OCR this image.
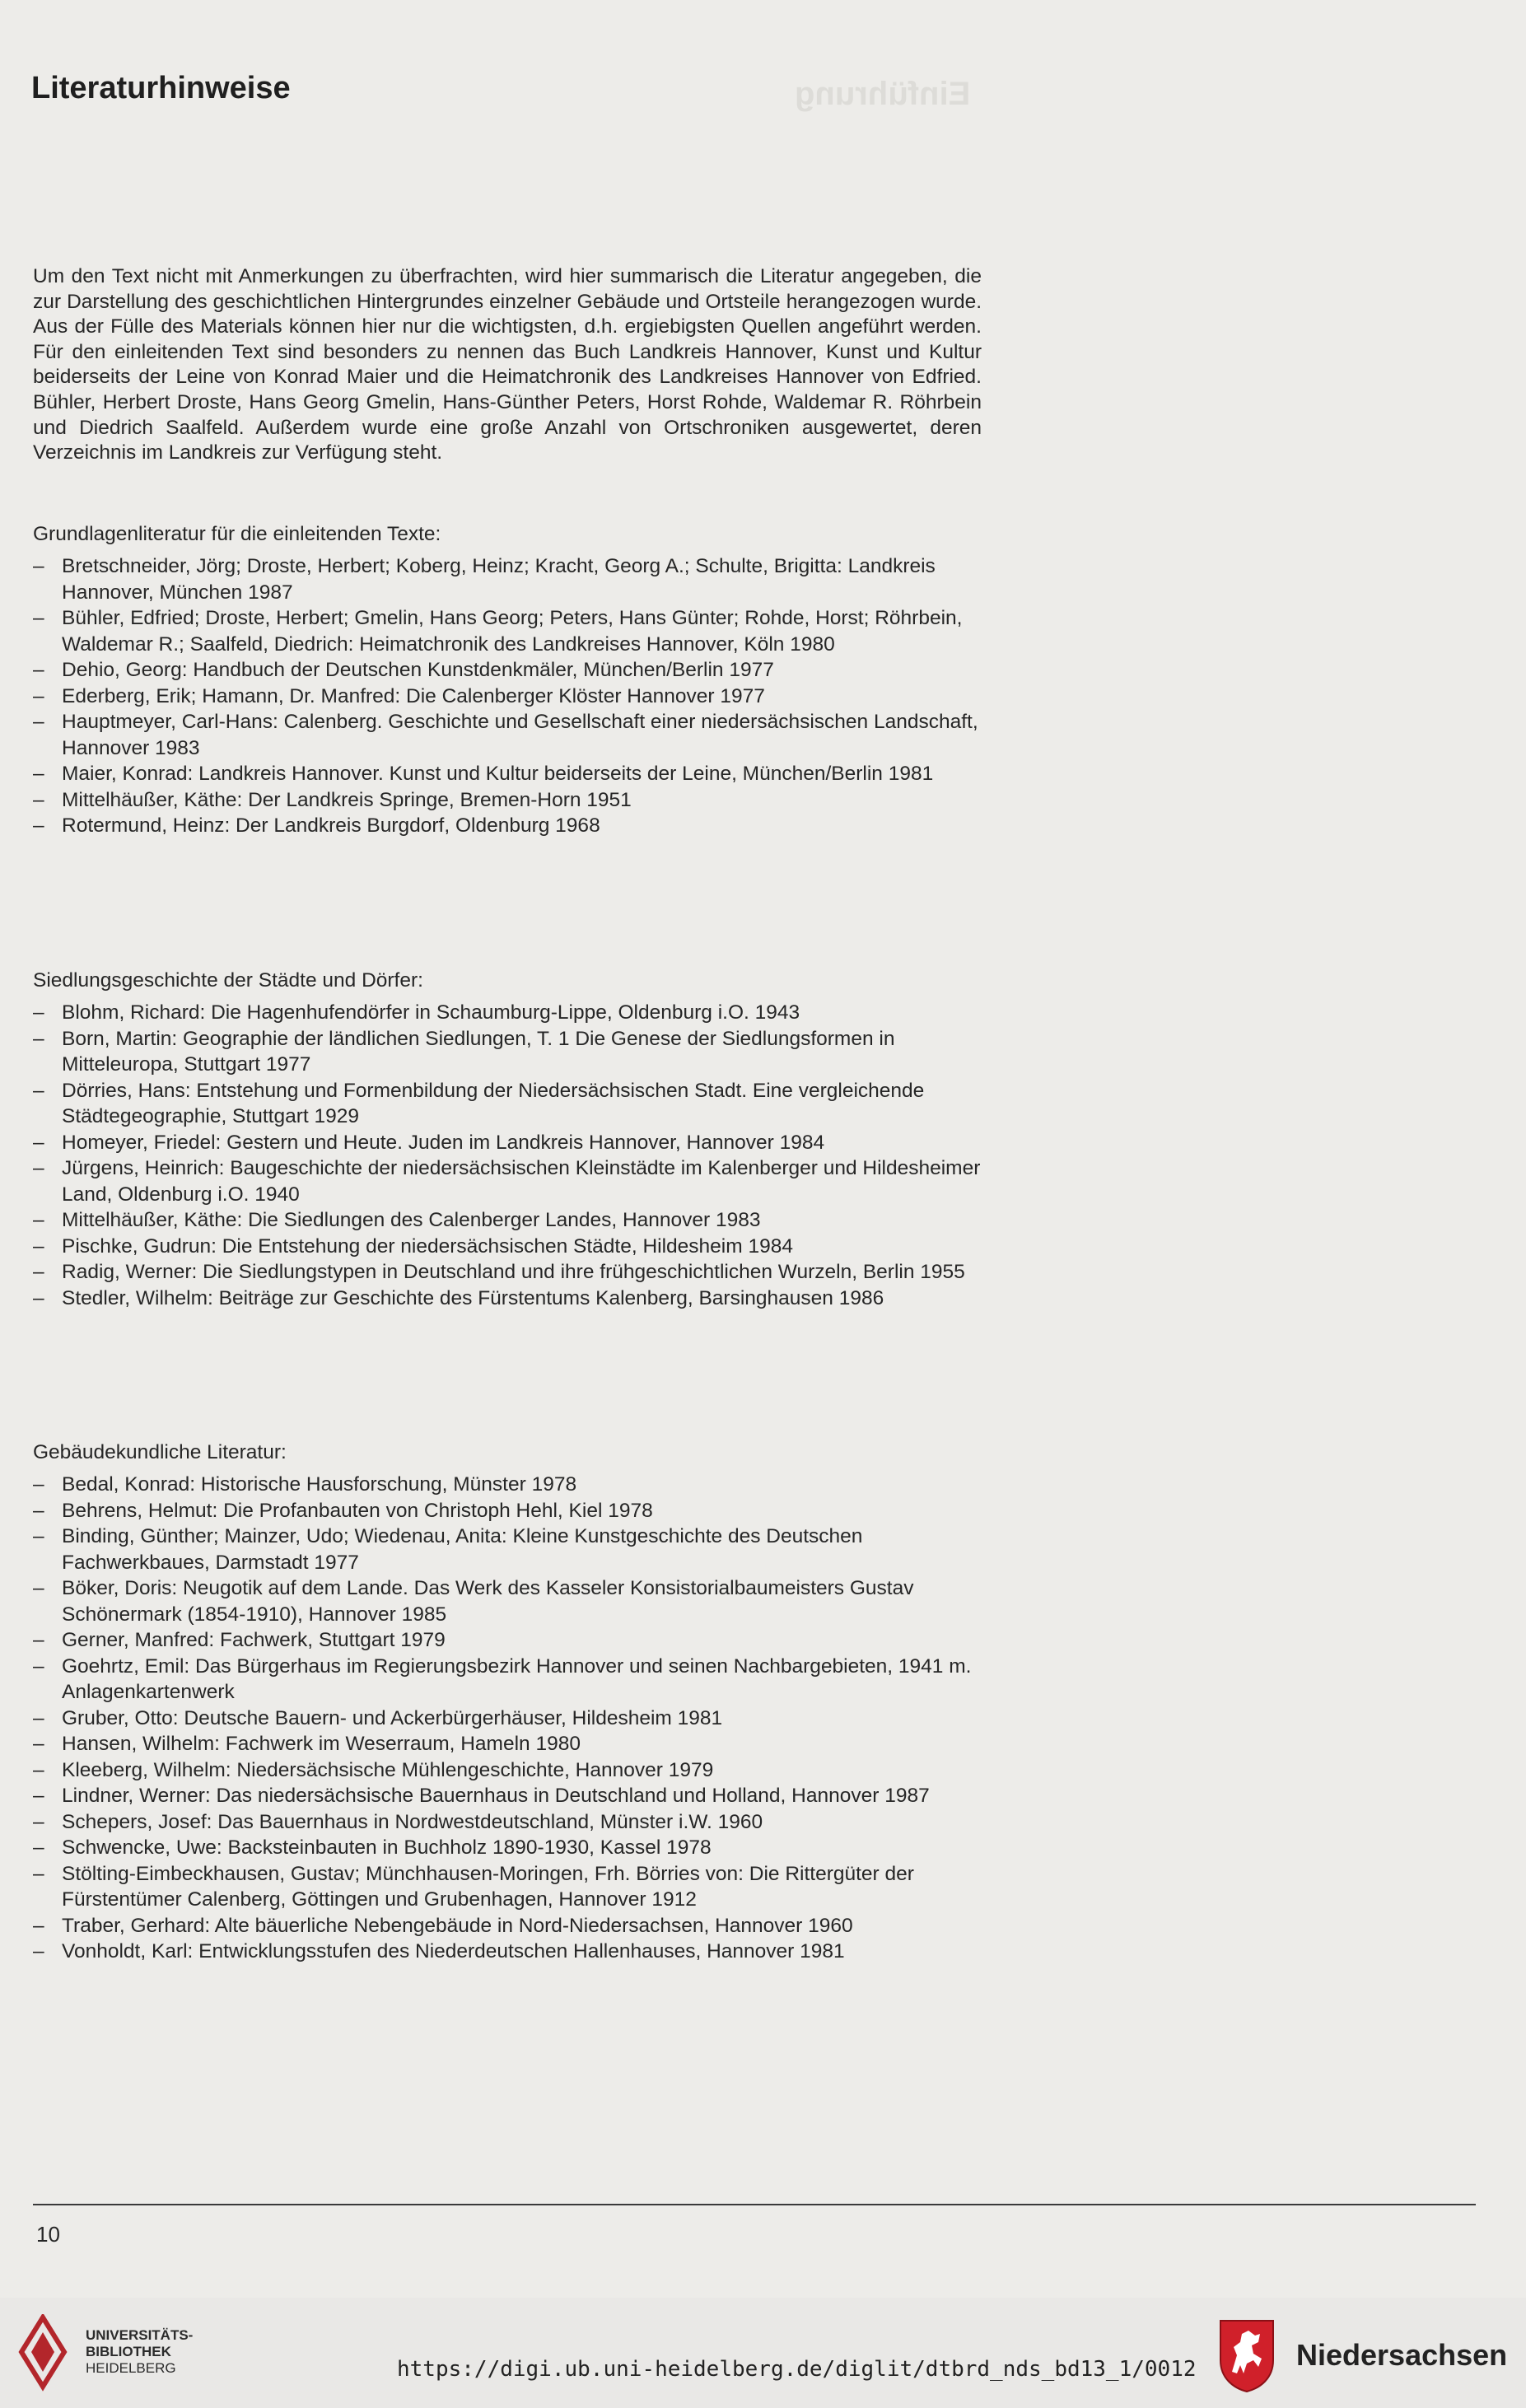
Einführung
Literaturhinweise

Um den Text nicht mit Anmerkungen zu überfrachten, wird hier summarisch die Literatur angegeben, die zur Darstellung des geschichtlichen Hintergrundes einzelner Gebäude und Ortsteile herangezogen wurde. Aus der Fülle des Materials können hier nur die wichtigsten, d.h. ergiebigsten Quellen angeführt werden. Für den einleitenden Text sind besonders zu nennen das Buch Landkreis Hannover, Kunst und Kultur beiderseits der Leine von Konrad Maier und die Heimatchronik des Landkreises Hannover von Edfried. Bühler, Herbert Droste, Hans Georg Gmelin, Hans-Günther Peters, Horst Rohde, Waldemar R. Röhrbein und Diedrich Saalfeld. Außerdem wurde eine große Anzahl von Ortschroniken ausgewertet, deren Verzeichnis im Landkreis zur Verfügung steht.

Grundlagenliteratur für die einleitenden Texte:

– Bretschneider, Jörg; Droste, Herbert; Koberg, Heinz; Kracht, Georg A.; Schulte, Brigitta: Landkreis Hannover, München 1987
– Bühler, Edfried; Droste, Herbert; Gmelin, Hans Georg; Peters, Hans Günter; Rohde, Horst; Röhrbein, Waldemar R.; Saalfeld, Diedrich: Heimatchronik des Landkreises Hannover, Köln 1980
– Dehio, Georg: Handbuch der Deutschen Kunstdenkmäler, München/Berlin 1977
– Ederberg, Erik; Hamann, Dr. Manfred: Die Calenberger Klöster Hannover 1977
– Hauptmeyer, Carl-Hans: Calenberg. Geschichte und Gesellschaft einer niedersächsischen Landschaft, Hannover 1983
– Maier, Konrad: Landkreis Hannover. Kunst und Kultur beiderseits der Leine, München/Berlin 1981
– Mittelhäußer, Käthe: Der Landkreis Springe, Bremen-Horn 1951
– Rotermund, Heinz: Der Landkreis Burgdorf, Oldenburg 1968

Siedlungsgeschichte der Städte und Dörfer:

– Blohm, Richard: Die Hagenhufendörfer in Schaumburg-Lippe, Oldenburg i.O. 1943
– Born, Martin: Geographie der ländlichen Siedlungen, T. 1 Die Genese der Siedlungsformen in Mitteleuropa, Stuttgart 1977
– Dörries, Hans: Entstehung und Formenbildung der Niedersächsischen Stadt. Eine vergleichende Städtegeographie, Stuttgart 1929
– Homeyer, Friedel: Gestern und Heute. Juden im Landkreis Hannover, Hannover 1984
– Jürgens, Heinrich: Baugeschichte der niedersächsischen Kleinstädte im Kalenberger und Hildesheimer Land, Oldenburg i.O. 1940
– Mittelhäußer, Käthe: Die Siedlungen des Calenberger Landes, Hannover 1983
– Pischke, Gudrun: Die Entstehung der niedersächsischen Städte, Hildesheim 1984
– Radig, Werner: Die Siedlungstypen in Deutschland und ihre frühgeschichtlichen Wurzeln, Berlin 1955
– Stedler, Wilhelm: Beiträge zur Geschichte des Fürstentums Kalenberg, Barsinghausen 1986

Gebäudekundliche Literatur:

– Bedal, Konrad: Historische Hausforschung, Münster 1978
– Behrens, Helmut: Die Profanbauten von Christoph Hehl, Kiel 1978
– Binding, Günther; Mainzer, Udo; Wiedenau, Anita: Kleine Kunstgeschichte des Deutschen Fachwerkbaues, Darmstadt 1977
– Böker, Doris: Neugotik auf dem Lande. Das Werk des Kasseler Konsistorialbaumeisters Gustav Schönermark (1854-1910), Hannover 1985
– Gerner, Manfred: Fachwerk, Stuttgart 1979
– Goehrtz, Emil: Das Bürgerhaus im Regierungsbezirk Hannover und seinen Nachbargebieten, 1941 m. Anlagenkartenwerk
– Gruber, Otto: Deutsche Bauern- und Ackerbürgerhäuser, Hildesheim 1981
– Hansen, Wilhelm: Fachwerk im Weserraum, Hameln 1980
– Kleeberg, Wilhelm: Niedersächsische Mühlengeschichte, Hannover 1979
– Lindner, Werner: Das niedersächsische Bauernhaus in Deutschland und Holland, Hannover 1987
– Schepers, Josef: Das Bauernhaus in Nordwestdeutschland, Münster i.W. 1960
– Schwencke, Uwe: Backsteinbauten in Buchholz 1890-1930, Kassel 1978
– Stölting-Eimbeckhausen, Gustav; Münchhausen-Moringen, Frh. Börries von: Die Rittergüter der Fürstentümer Calenberg, Göttingen und Grubenhagen, Hannover 1912
– Traber, Gerhard: Alte bäuerliche Nebengebäude in Nord-Niedersachsen, Hannover 1960
– Vonholdt, Karl: Entwicklungsstufen des Niederdeutschen Hallenhauses, Hannover 1981
10
UNIVERSITÄTS-
BIBLIOTHEK
HEIDELBERG	https://digi.ub.uni-heidelberg.de/diglit/dtbrd_nds_bd13_1/0012	Niedersachsen
